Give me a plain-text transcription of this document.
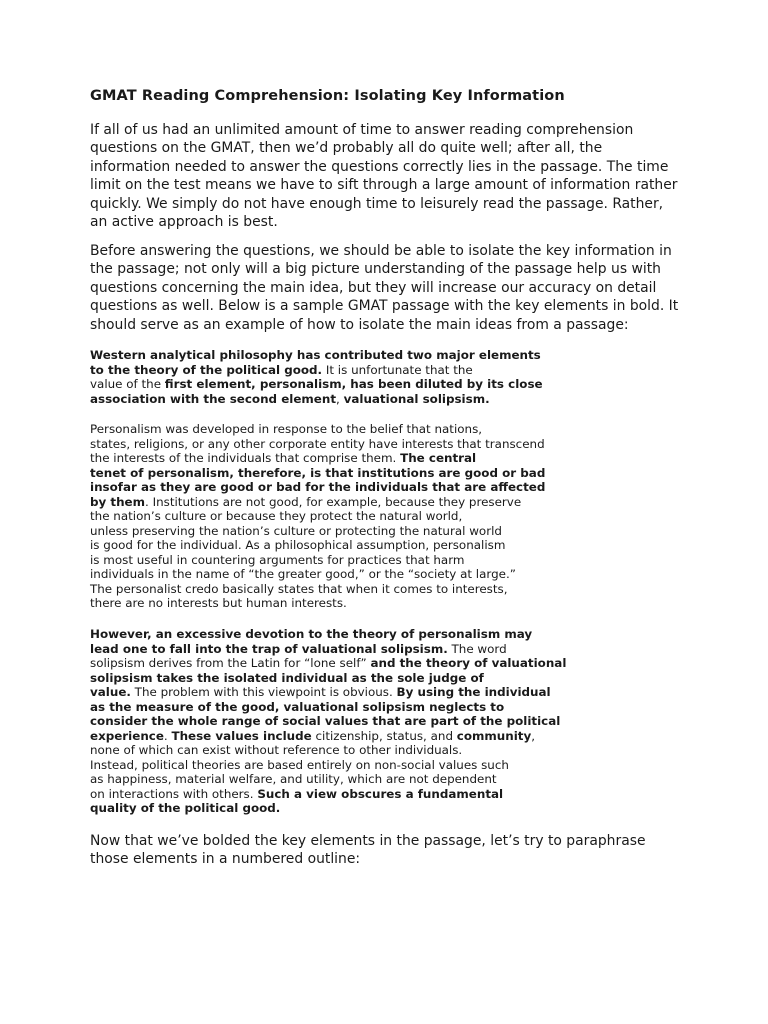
GMAT Reading Comprehension: Isolating Key Information

If all of us had an unlimited amount of time to answer reading comprehension
questions on the GMAT, then we’d probably all do quite well; after all, the
information needed to answer the questions correctly lies in the passage. The time
limit on the test means we have to sift through a large amount of information rather
quickly. We simply do not have enough time to leisurely read the passage. Rather,
an active approach is best.

Before answering the questions, we should be able to isolate the key information in
the passage; not only will a big picture understanding of the passage help us with
questions concerning the main idea, but they will increase our accuracy on detail
questions as well. Below is a sample GMAT passage with the key elements in bold. It
should serve as an example of how to isolate the main ideas from a passage:

Western analytical philosophy has contributed two major elements
to the theory of the political good. It is unfortunate that the
value of the first element, personalism, has been diluted by its close
association with the second element, valuational solipsism.

Personalism was developed in response to the belief that nations,
states, religions, or any other corporate entity have interests that transcend
the interests of the individuals that comprise them. The central
tenet of personalism, therefore, is that institutions are good or bad
insofar as they are good or bad for the individuals that are affected
by them. Institutions are not good, for example, because they preserve
the nation’s culture or because they protect the natural world,
unless preserving the nation’s culture or protecting the natural world
is good for the individual. As a philosophical assumption, personalism
is most useful in countering arguments for practices that harm
individuals in the name of “the greater good,” or the “society at large.”
The personalist credo basically states that when it comes to interests,
there are no interests but human interests.

However, an excessive devotion to the theory of personalism may
lead one to fall into the trap of valuational solipsism. The word
solipsism derives from the Latin for “lone self” and the theory of valuational
solipsism takes the isolated individual as the sole judge of
value. The problem with this viewpoint is obvious. By using the individual
as the measure of the good, valuational solipsism neglects to
consider the whole range of social values that are part of the political
experience. These values include citizenship, status, and community,
none of which can exist without reference to other individuals.
Instead, political theories are based entirely on non-social values such
as happiness, material welfare, and utility, which are not dependent
on interactions with others. Such a view obscures a fundamental
quality of the political good.

Now that we’ve bolded the key elements in the passage, let’s try to paraphrase
those elements in a numbered outline:
